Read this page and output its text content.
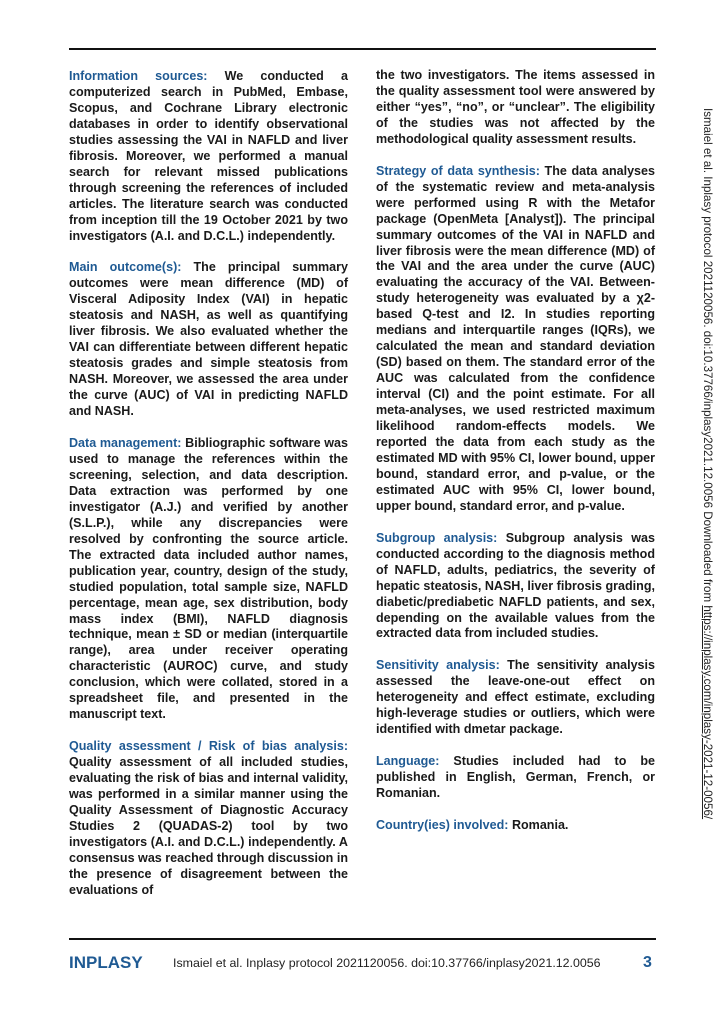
Information sources: We conducted a computerized search in PubMed, Embase, Scopus, and Cochrane Library electronic databases in order to identify observational studies assessing the VAI in NAFLD and liver fibrosis. Moreover, we performed a manual search for relevant missed publications through screening the references of included articles. The literature search was conducted from inception till the 19 October 2021 by two investigators (A.I. and D.C.L.) independently.

Main outcome(s): The principal summary outcomes were mean difference (MD) of Visceral Adiposity Index (VAI) in hepatic steatosis and NASH, as well as quantifying liver fibrosis. We also evaluated whether the VAI can differentiate between different hepatic steatosis grades and simple steatosis from NASH. Moreover, we assessed the area under the curve (AUC) of VAI in predicting NAFLD and NASH.

Data management: Bibliographic software was used to manage the references within the screening, selection, and data description. Data extraction was performed by one investigator (A.J.) and verified by another (S.L.P.), while any discrepancies were resolved by confronting the source article. The extracted data included author names, publication year, country, design of the study, studied population, total sample size, NAFLD percentage, mean age, sex distribution, body mass index (BMI), NAFLD diagnosis technique, mean ± SD or median (interquartile range), area under receiver operating characteristic (AUROC) curve, and study conclusion, which were collated, stored in a spreadsheet file, and presented in the manuscript text.

Quality assessment / Risk of bias analysis: Quality assessment of all included studies, evaluating the risk of bias and internal validity, was performed in a similar manner using the Quality Assessment of Diagnostic Accuracy Studies 2 (QUADAS-2) tool by two investigators (A.I. and D.C.L.) independently. A consensus was reached through discussion in the presence of disagreement between the evaluations of

the two investigators. The items assessed in the quality assessment tool were answered by either “yes”, “no”, or “unclear”. The eligibility of the studies was not affected by the methodological quality assessment results.

Strategy of data synthesis: The data analyses of the systematic review and meta-analysis were performed using R with the Metafor package (OpenMeta [Analyst]). The principal summary outcomes of the VAI in NAFLD and liver fibrosis were the mean difference (MD) of the VAI and the area under the curve (AUC) evaluating the accuracy of the VAI. Between-study heterogeneity was evaluated by a χ2-based Q-test and I2. In studies reporting medians and interquartile ranges (IQRs), we calculated the mean and standard deviation (SD) based on them. The standard error of the AUC was calculated from the confidence interval (CI) and the point estimate. For all meta-analyses, we used restricted maximum likelihood random-effects models. We reported the data from each study as the estimated MD with 95% CI, lower bound, upper bound, standard error, and p-value, or the estimated AUC with 95% CI, lower bound, upper bound, standard error, and p-value.

Subgroup analysis: Subgroup analysis was conducted according to the diagnosis method of NAFLD, adults, pediatrics, the severity of hepatic steatosis, NASH, liver fibrosis grading, diabetic/prediabetic NAFLD patients, and sex, depending on the available values from the extracted data from included studies.

Sensitivity analysis: The sensitivity analysis assessed the leave-one-out effect on heterogeneity and effect estimate, excluding high-leverage studies or outliers, which were identified with dmetar package.

Language: Studies included had to be published in English, German, French, or Romanian.

Country(ies) involved: Romania.

Ismaiel et al. Inplasy protocol 2021120056. doi:10.37766/inplasy2021.12.0056 Downloaded from https://inplasy.com/inplasy-2021-12-0056/
INPLASY Ismaiel et al. Inplasy protocol 2021120056. doi:10.37766/inplasy2021.12.0056	3
